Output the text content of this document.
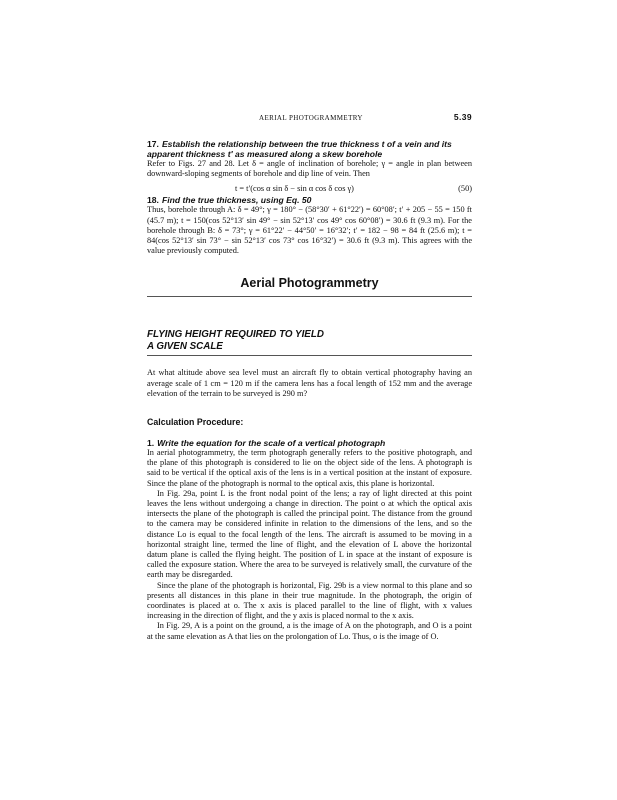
AERIAL PHOTOGRAMMETRY	5.39
17. Establish the relationship between the true thickness t of a vein and its apparent thickness t′ as measured along a skew borehole

Refer to Figs. 27 and 28. Let δ = angle of inclination of borehole; γ = angle in plan between downward-sloping segments of borehole and dip line of vein. Then

t = t′(cos α sin δ − sin α cos δ cos γ)	(50)
18. Find the true thickness, using Eq. 50

Thus, borehole through A: δ = 49°; γ = 180° − (58°30′ + 61°22′) = 60°08′; t′ + 205 − 55 = 150 ft (45.7 m); t = 150(cos 52°13′ sin 49° − sin 52°13′ cos 49° cos 60°08′) = 30.6 ft (9.3 m). For the borehole through B: δ = 73°; γ = 61°22′ − 44°50′ = 16°32′; t′ = 182 − 98 = 84 ft (25.6 m); t = 84(cos 52°13′ sin 73° − sin 52°13′ cos 73° cos 16°32′) = 30.6 ft (9.3 m). This agrees with the value previously computed.

Aerial Photogrammetry
FLYING HEIGHT REQUIRED TO YIELD
A GIVEN SCALE

At what altitude above sea level must an aircraft fly to obtain vertical photography having an average scale of 1 cm = 120 m if the camera lens has a focal length of 152 mm and the average elevation of the terrain to be surveyed is 290 m?

Calculation Procedure:
1. Write the equation for the scale of a vertical photograph

In aerial photogrammetry, the term photograph generally refers to the positive photograph, and the plane of this photograph is considered to lie on the object side of the lens. A photograph is said to be vertical if the optical axis of the lens is in a vertical position at the instant of exposure. Since the plane of the photograph is normal to the optical axis, this plane is horizontal.

In Fig. 29a, point L is the front nodal point of the lens; a ray of light directed at this point leaves the lens without undergoing a change in direction. The point o at which the optical axis intersects the plane of the photograph is called the principal point. The distance from the ground to the camera may be considered infinite in relation to the dimensions of the lens, and so the distance Lo is equal to the focal length of the lens. The aircraft is assumed to be moving in a horizontal straight line, termed the line of flight, and the elevation of L above the horizontal datum plane is called the flying height. The position of L in space at the instant of exposure is called the exposure station. Where the area to be surveyed is relatively small, the curvature of the earth may be disregarded.

Since the plane of the photograph is horizontal, Fig. 29b is a view normal to this plane and so presents all distances in this plane in their true magnitude. In the photograph, the origin of coordinates is placed at o. The x axis is placed parallel to the line of flight, with x values increasing in the direction of flight, and the y axis is placed normal to the x axis.

In Fig. 29, A is a point on the ground, a is the image of A on the photograph, and O is a point at the same elevation as A that lies on the prolongation of Lo. Thus, o is the image of O.
